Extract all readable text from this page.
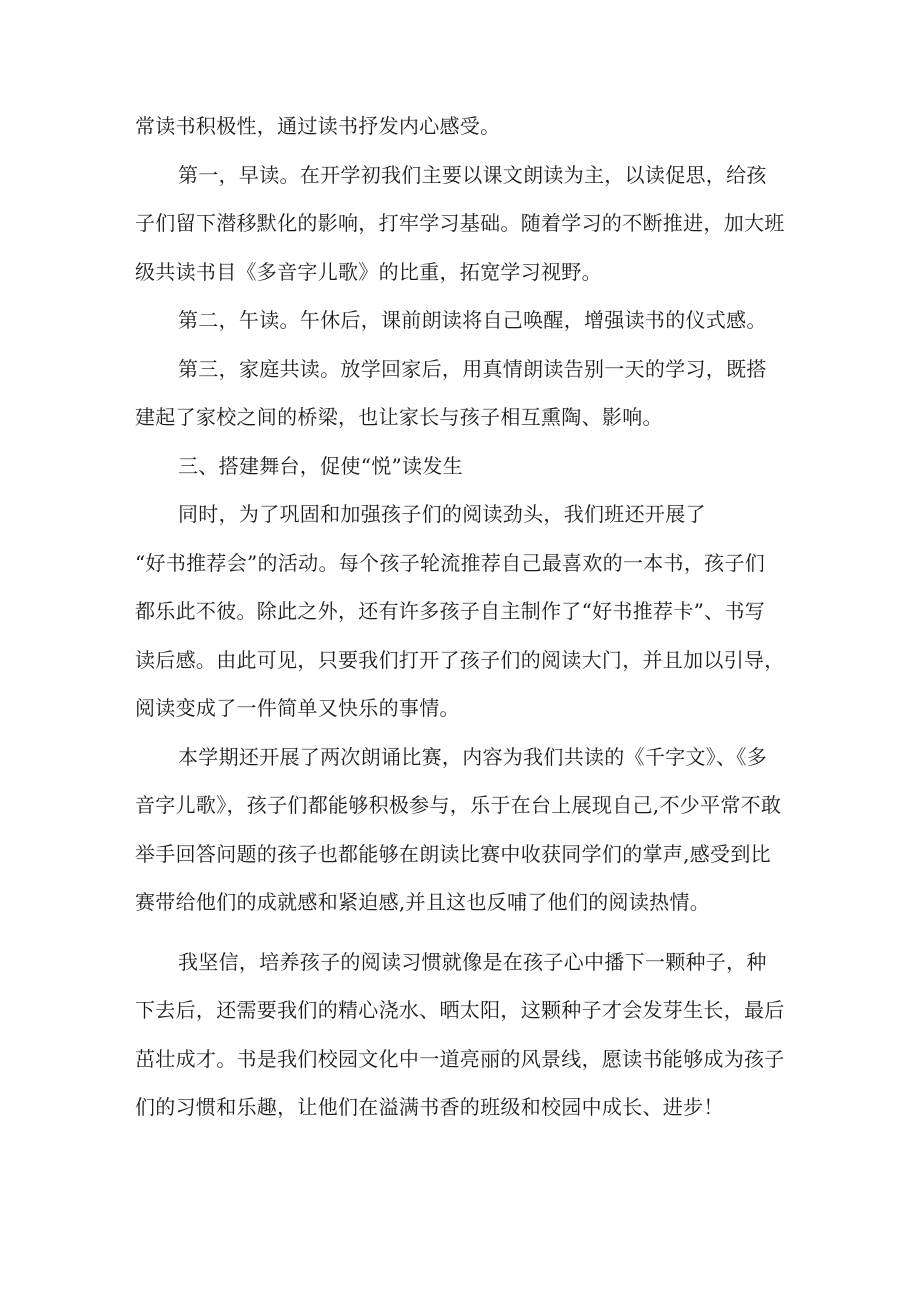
常读书积极性，通过读书抒发内心感受。
第一，早读。在开学初我们主要以课文朗读为主，以读促思，给孩
子们留下潜移默化的影响，打牢学习基础。随着学习的不断推进，加大班
级共读书目《多音字儿歌》的比重，拓宽学习视野。
第二，午读。午休后，课前朗读将自己唤醒，增强读书的仪式感。
第三，家庭共读。放学回家后，用真情朗读告别一天的学习，既搭
建起了家校之间的桥梁，也让家长与孩子相互熏陶、影响。
三、搭建舞台，促使“悦”读发生
同时，为了巩固和加强孩子们的阅读劲头，我们班还开展了
“好书推荐会”的活动。每个孩子轮流推荐自己最喜欢的一本书，孩子们
都乐此不彼。除此之外，还有许多孩子自主制作了“好书推荐卡”、书写
读后感。由此可见，只要我们打开了孩子们的阅读大门，并且加以引导，
阅读变成了一件简单又快乐的事情。
本学期还开展了两次朗诵比赛，内容为我们共读的《千字文》、《多
音字儿歌》，孩子们都能够积极参与，乐于在台上展现自己,不少平常不敢
举手回答问题的孩子也都能够在朗读比赛中收获同学们的掌声,感受到比
赛带给他们的成就感和紧迫感,并且这也反哺了他们的阅读热情。
我坚信，培养孩子的阅读习惯就像是在孩子心中播下一颗种子，种
下去后，还需要我们的精心浇水、晒太阳，这颗种子才会发芽生长，最后
茁壮成才。书是我们校园文化中一道亮丽的风景线，愿读书能够成为孩子
们的习惯和乐趣，让他们在溢满书香的班级和校园中成长、进步！
